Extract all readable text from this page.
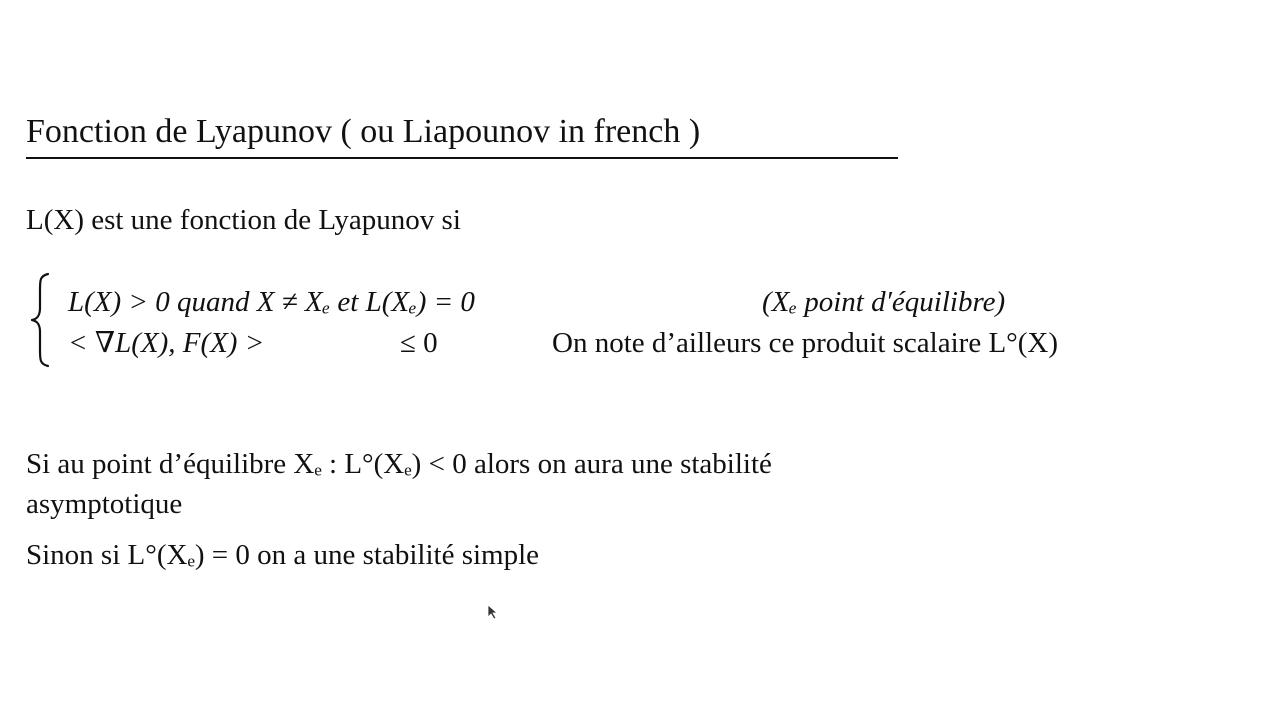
Fonction de Lyapunov ( ou Liapounov in french )
L(X) est une fonction de Lyapunov si
L(X) > 0 quand X ≠ Xₑ et L(Xₑ) = 0	(Xₑ point d′équilibre)
< ∇L(X), F(X) >	≤ 0	On note d’ailleurs ce produit scalaire L°(X)
Si au point d’équilibre Xₑ : L°(Xₑ) < 0 alors on aura une stabilité
asymptotique
Sinon si L°(Xₑ) = 0 on a une stabilité simple
